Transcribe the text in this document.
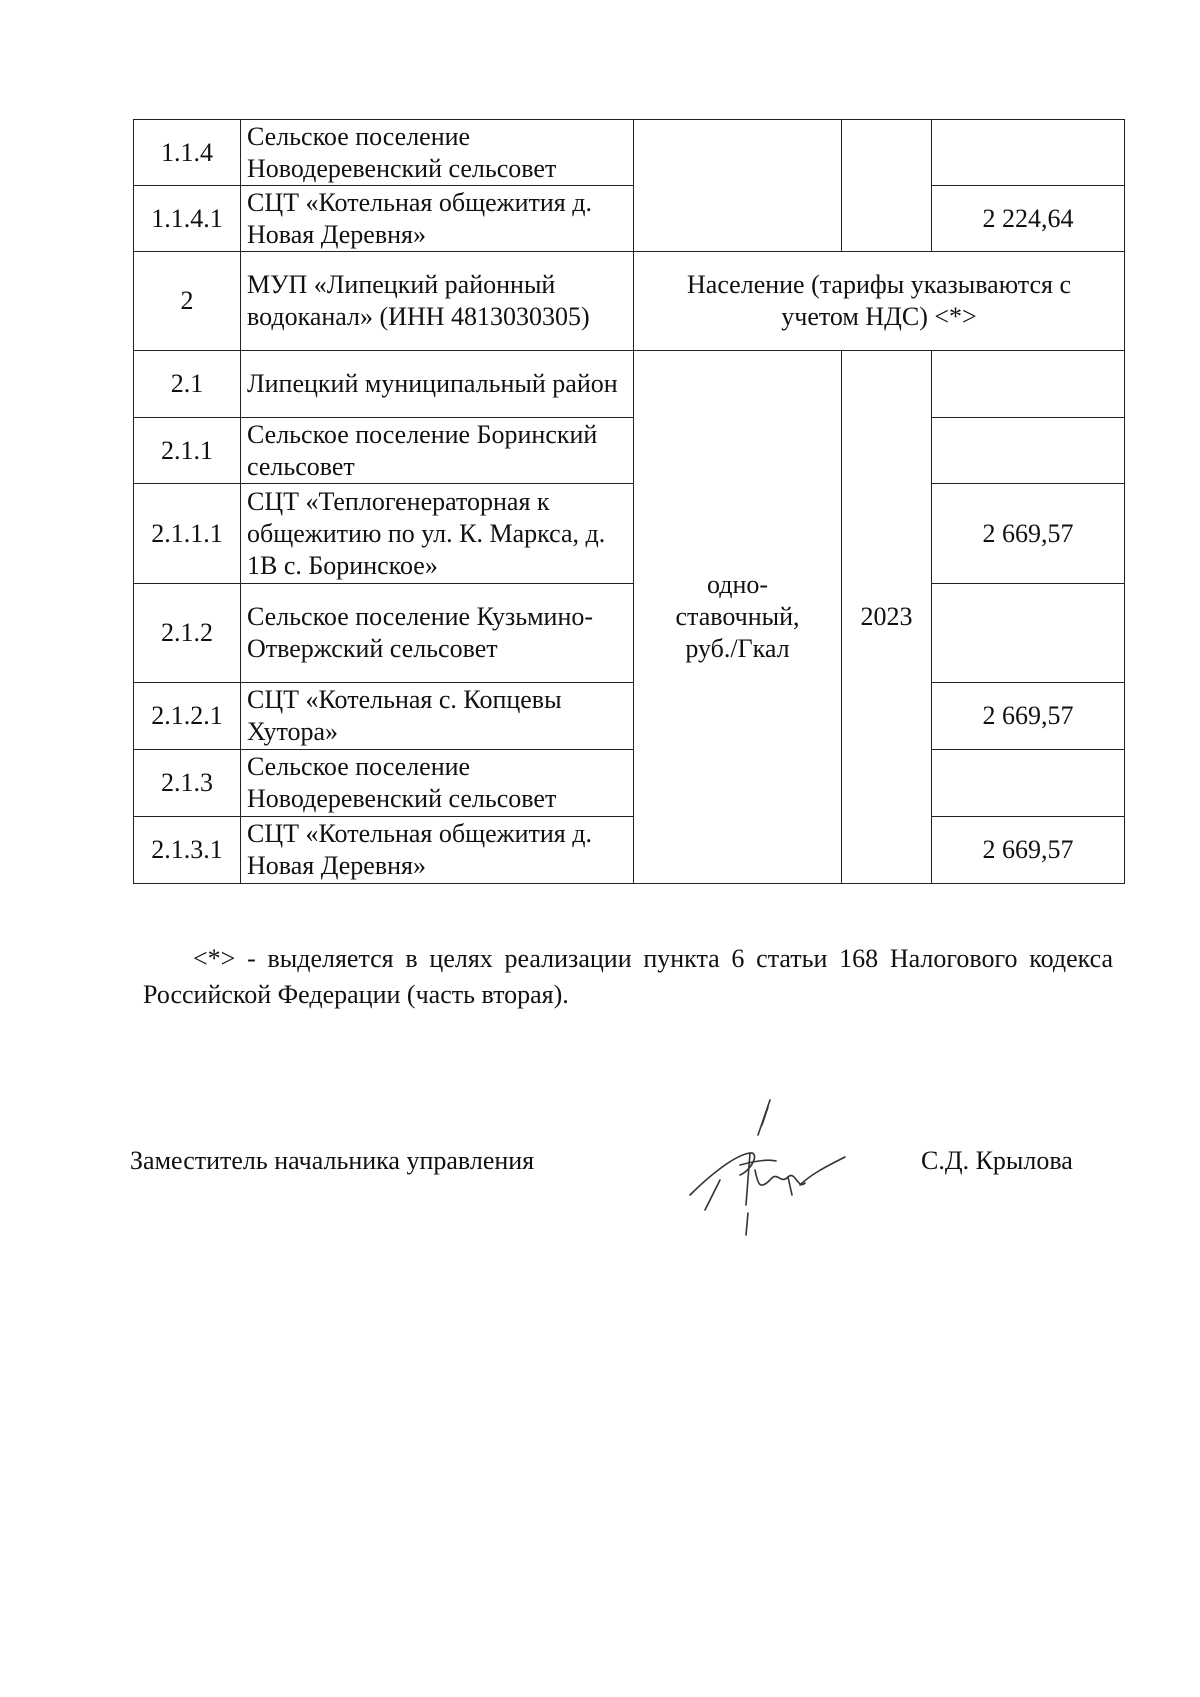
1.1.4	Сельское поселение Новодеревенский сельсовет			
1.1.4.1	СЦТ «Котельная общежития д. Новая Деревня»			2 224,64
2	МУП «Липецкий районный водоканал» (ИНН 4813030305)	Население (тарифы указываются с учетом НДС) <*>		
2.1	Липецкий муниципальный район	одно-ставочный, руб./Гкал	2023	
2.1.1	Сельское поселение Боринский сельсовет			
2.1.1.1	СЦТ «Теплогенераторная к общежитию по ул. К. Маркса, д. 1В с. Боринское»			2 669,57
2.1.2	Сельское поселение Кузьмино-Отвержский сельсовет			
2.1.2.1	СЦТ «Котельная с. Копцевы Хутора»			2 669,57
2.1.3	Сельское поселение Новодеревенский сельсовет			
2.1.3.1	СЦТ «Котельная общежития д. Новая Деревня»			2 669,57

<*> - выделяется в целях реализации пункта 6 статьи 168 Налогового кодекса Российской Федерации (часть вторая).

Заместитель начальника управления	С.Д. Крылова
